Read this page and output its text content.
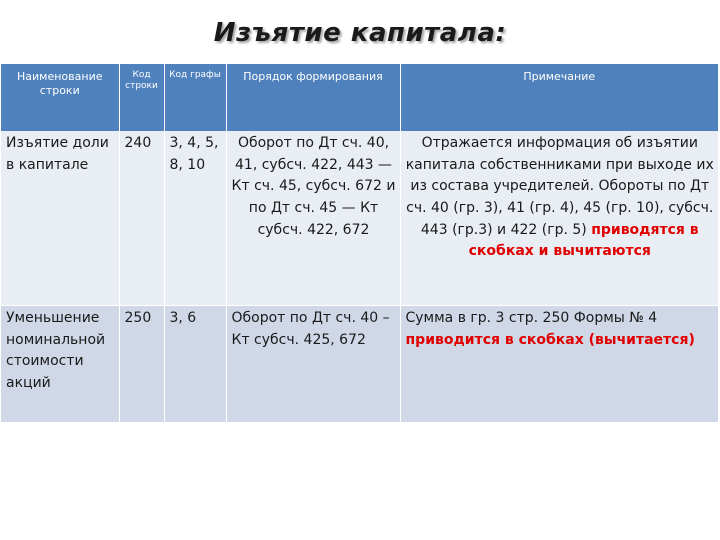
Изъятие капитала:
Наименование строки	Код строки	Код графы	Порядок формирования	Примечание
Изъятие доли в капитале	240	3, 4, 5, 8, 10	Оборот по Дт сч. 40, 41, субсч. 422, 443 — Кт сч. 45, субсч. 672 и по Дт сч. 45 — Кт субсч. 422, 672	Отражается информация об изъятии капитала собственниками при выходе их из состава учредителей. Обороты по Дт сч. 40 (гр. 3), 41 (гр. 4), 45 (гр. 10), субсч. 443 (гр.3) и 422 (гр. 5) приводятся в скобках и вычитаются
Уменьшение номинальной стоимости акций	250	3, 6	Оборот по Дт сч. 40 – Кт субсч. 425, 672	Сумма в гр. 3 стр. 250 Формы № 4 приводится в скобках (вычитается)
